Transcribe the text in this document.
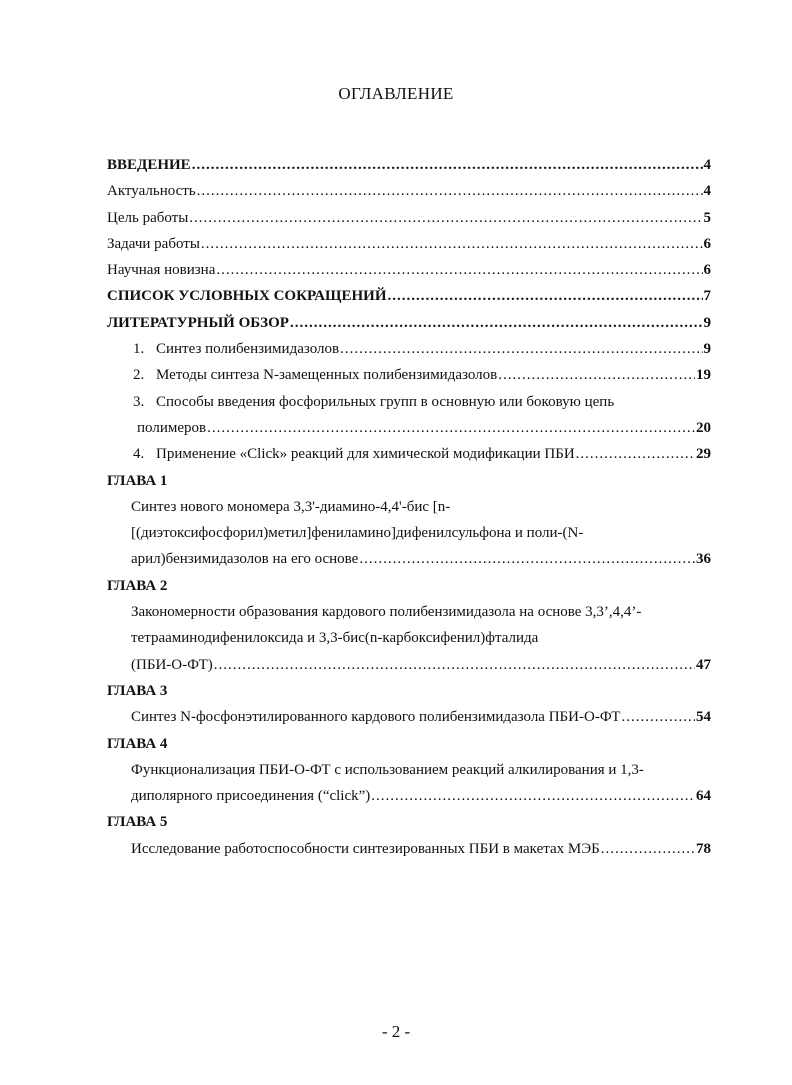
ОГЛАВЛЕНИЕ
ВВЕДЕНИЕ .....	4
Актуальность .....	4
Цель работы .....	5
Задачи работы .....	6
Научная новизна .....	6
СПИСОК УСЛОВНЫХ СОКРАЩЕНИЙ .....	7
ЛИТЕРАТУРНЫЙ ОБЗОР .....	9
1. Синтез полибензимидазолов .....	9
2. Методы синтеза N-замещенных полибензимидазолов .....	19
3. Способы введения фосфорильных групп в основную или боковую цепь
полимеров .....	20
4. Применение «Click» реакций для химической модификации ПБИ .....	29
ГЛАВА 1
Синтез нового мономера 3,3'-диамино-4,4'-бис [n-
[(диэтоксифосфорил)метил]фениламино]дифенилсульфона и поли-(N-
арил)бензимидазолов на его основе .....	36
ГЛАВА 2
Закономерности образования кардового полибензимидазола на основе 3,3’,4,4’-
тетрааминодифенилоксида и 3,3-бис(n-карбоксифенил)фталида
(ПБИ-О-ФТ) .....	47
ГЛАВА 3
Синтез N-фосфонэтилированного кардового полибензимидазола ПБИ-О-ФТ .....	54
ГЛАВА 4
Функционализация ПБИ-О-ФТ с использованием реакций алкилирования и 1,3-
диполярного присоединения (“click”) .....	64
ГЛАВА 5
Исследование работоспособности синтезированных ПБИ в макетах МЭБ .....	78
- 2 -
